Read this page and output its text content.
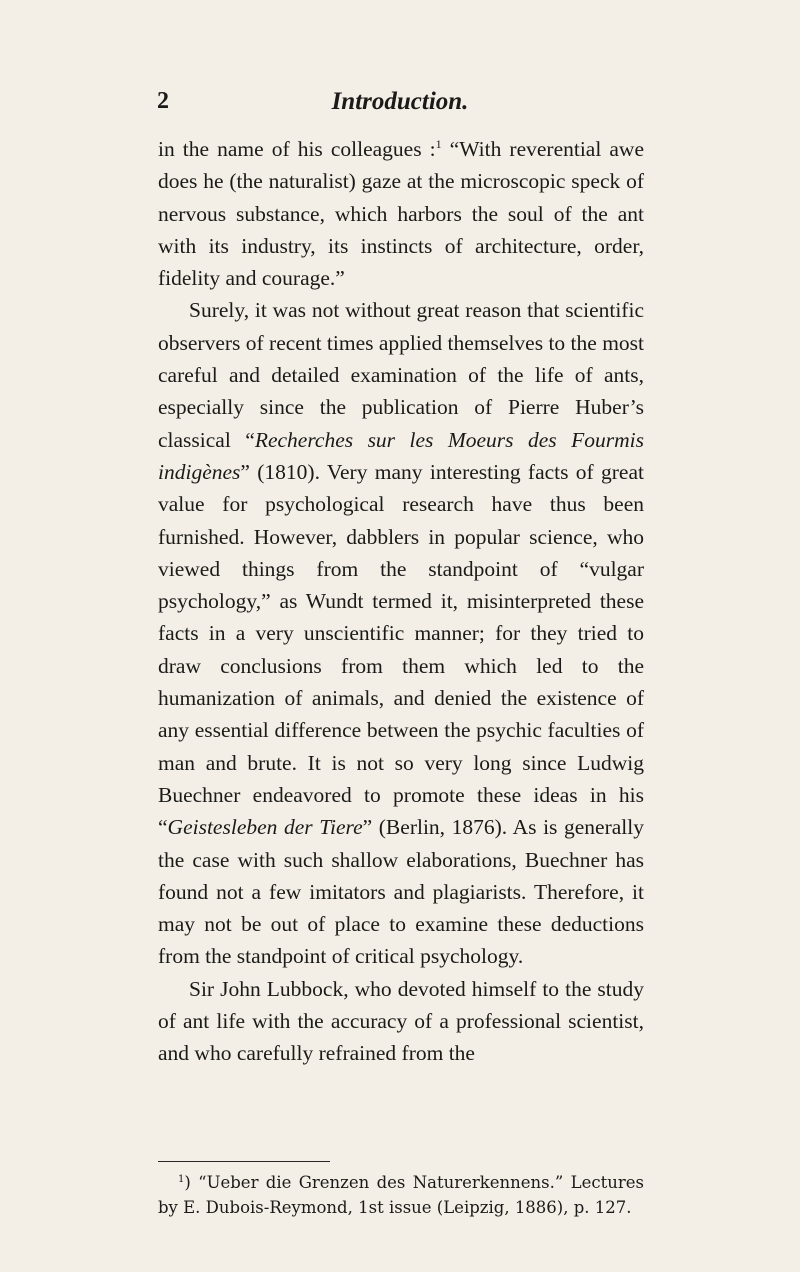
2	Introduction.

in the name of his colleagues :$^1$ “With reverential awe does he (the naturalist) gaze at the microscopic speck of nervous substance, which harbors the soul of the ant with its industry, its instincts of architecture, order, fidelity and courage.”

Surely, it was not without great reason that scientific observers of recent times applied themselves to the most careful and detailed examination of the life of ants, especially since the publication of Pierre Huber’s classical “Recherches sur les Moeurs des Fourmis indigènes” (1810). Very many interesting facts of great value for psychological research have thus been furnished. However, dabblers in popular science, who viewed things from the standpoint of “vulgar psychology,” as Wundt termed it, misinterpreted these facts in a very unscientific manner; for they tried to draw conclusions from them which led to the humanization of animals, and denied the existence of any essential difference between the psychic faculties of man and brute. It is not so very long since Ludwig Buechner endeavored to promote these ideas in his “Geistesleben der Tiere” (Berlin, 1876). As is generally the case with such shallow elaborations, Buechner has found not a few imitators and plagiarists. Therefore, it may not be out of place to examine these deductions from the standpoint of critical psychology.

Sir John Lubbock, who devoted himself to the study of ant life with the accuracy of a professional scientist, and who carefully refrained from the

$^1$) “Ueber die Grenzen des Naturerkennens.” Lectures by E. Dubois-Reymond, 1st issue (Leipzig, 1886), p. 127.
